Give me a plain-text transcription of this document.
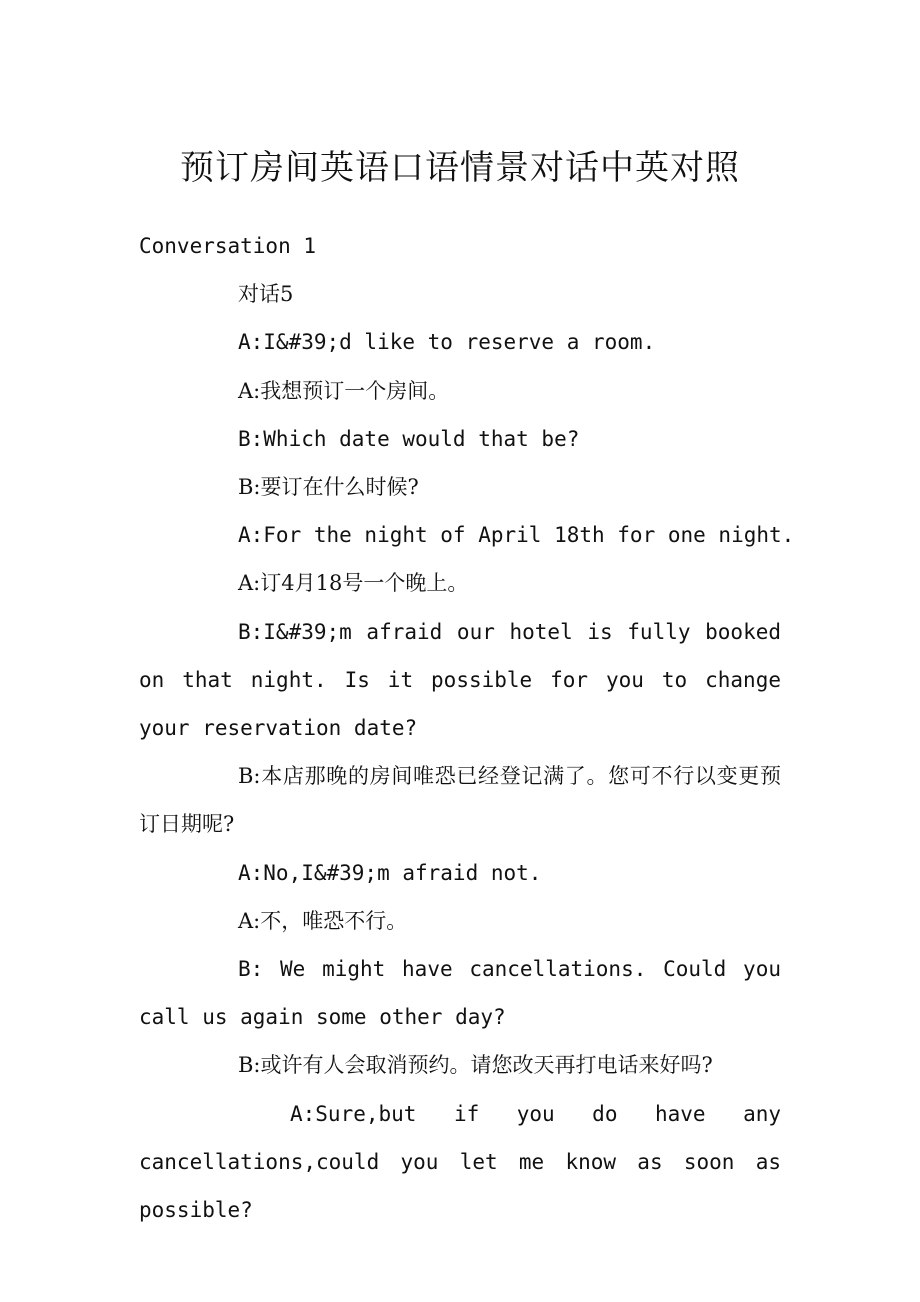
预订房间英语口语情景对话中英对照

Conversation 1

对话5

A:I&#39;d like to reserve a room.

A:我想预订一个房间。

B:Which date would that be?

B:要订在什么时候?

A:For the night of April 18th for one night.

A:订4月18号一个晚上。

B:I&#39;m afraid our hotel is fully booked on that night. Is it possible for you to change your reservation date?

B:本店那晚的房间唯恐已经登记满了。您可不行以变更预订日期呢?

A:No,I&#39;m afraid not.

A:不，唯恐不行。

B: We might have cancellations. Could you call us again some other day?

B:或许有人会取消预约。请您改天再打电话来好吗?

A:Sure,but if you do have any cancellations,could you let me know as soon as possible?
